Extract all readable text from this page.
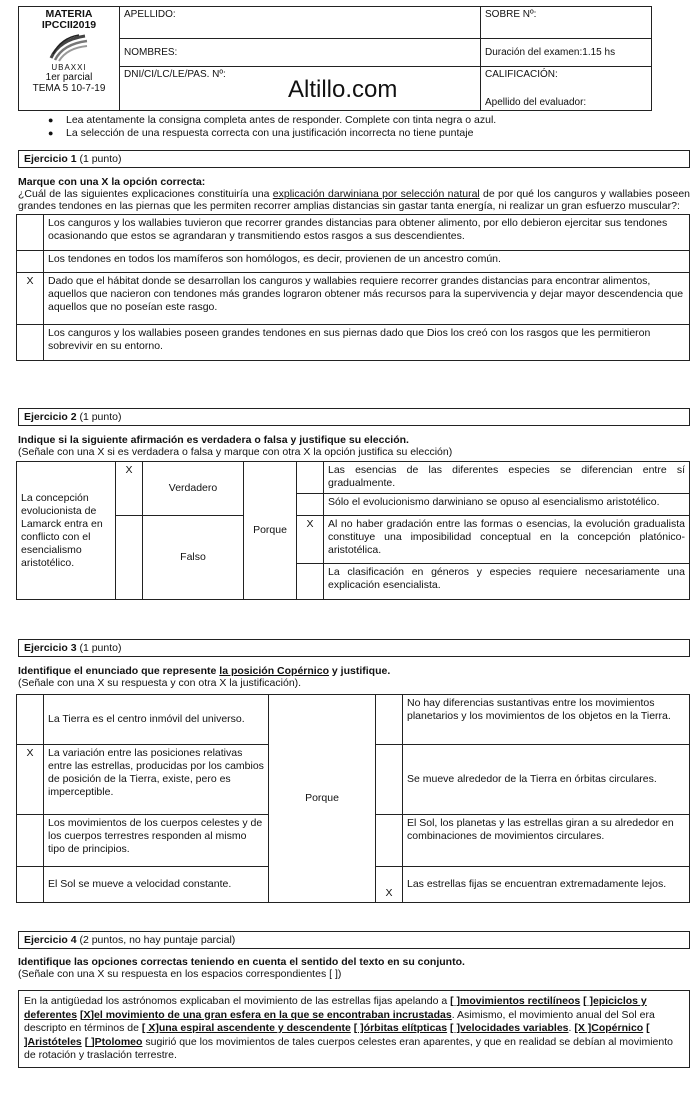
MATERIA
IPCCII2019
UBAXXI
1er parcial
TEMA 5 10-7-19	APELLIDO:	SOBRE Nº:
	NOMBRES:	Duración del examen:1.15 hs
	DNI/CI/LC/LE/PAS. Nº:	CALIFICACIÓN:
Apellido del evaluador:
Altillo.com
● Lea atentamente la consigna completa antes de responder. Complete con tinta negra o azul.
● La selección de una respuesta correcta con una justificación incorrecta no tiene puntaje
Ejercicio 1 (1 punto)
Marque con una X la opción correcta:
¿Cuál de las siguientes explicaciones constituiría una explicación darwiniana por selección natural de por qué los canguros y wallabies poseen grandes tendones en las piernas que les permiten recorrer amplias distancias sin gastar tanta energía, ni realizar un gran esfuerzo muscular?:
	Los canguros y los wallabies tuvieron que recorrer grandes distancias para obtener alimento, por ello debieron ejercitar sus tendones ocasionando que estos se agrandaran y transmitiendo estos rasgos a sus descendientes.
	Los tendones en todos los mamíferos son homólogos, es decir, provienen de un ancestro común.
X	Dado que el hábitat donde se desarrollan los canguros y wallabies requiere recorrer grandes distancias para encontrar alimentos, aquellos que nacieron con tendones más grandes lograron obtener más recursos para la supervivencia y dejar mayor descendencia que aquellos que no poseían este rasgo.
	Los canguros y los wallabies poseen grandes tendones en sus piernas dado que Dios los creó con los rasgos que les permitieron sobrevivir en su entorno.
Ejercicio 2 (1 punto)
Indique si la siguiente afirmación es verdadera o falsa y justifique su elección.
(Señale con una X si es verdadera o falsa y marque con otra X la opción justifica su elección)
La concepción evolucionista de Lamarck entra en conflicto con el esencialismo aristotélico.	X	Verdadero	Porque		Las esencias de las diferentes especies se diferencian entre sí gradualmente.
					Sólo el evolucionismo darwiniano se opuso al esencialismo aristotélico.
		Falso		X	Al no haber gradación entre las formas o esencias, la evolución gradualista constituye una imposibilidad conceptual en la concepción platónico-aristotélica.
					La clasificación en géneros y especies requiere necesariamente una explicación esencialista.
Ejercicio 3 (1 punto)
Identifique el enunciado que represente la posición Copérnico y justifique.
(Señale con una X su respuesta y con otra X la justificación).
	La Tierra es el centro inmóvil del universo.	Porque		No hay diferencias sustantivas entre los movimientos planetarios y los movimientos de los objetos en la Tierra.
X	La variación entre las posiciones relativas entre las estrellas, producidas por los cambios de posición de la Tierra, existe, pero es imperceptible.			Se mueve alrededor de la Tierra en órbitas circulares.
	Los movimientos de los cuerpos celestes y de los cuerpos terrestres responden al mismo tipo de principios.			El Sol, los planetas y las estrellas giran a su alrededor en combinaciones de movimientos circulares.
	El Sol se mueve a velocidad constante.		X	Las estrellas fijas se encuentran extremadamente lejos.
Ejercicio 4 (2 puntos, no hay puntaje parcial)
Identifique las opciones correctas teniendo en cuenta el sentido del texto en su conjunto.
(Señale con una X su respuesta en los espacios correspondientes [ ])
En la antigüedad los astrónomos explicaban el movimiento de las estrellas fijas apelando a [ ]movimientos rectilíneos [ ]epiciclos y deferentes [X]el movimiento de una gran esfera en la que se encontraban incrustadas. Asimismo, el movimiento anual del Sol era descripto en términos de [ X]una espiral ascendente y descendente [ ]órbitas elítpticas [ ]velocidades variables. [X ]Copérnico [ ]Aristóteles [ ]Ptolomeo sugirió que los movimientos de tales cuerpos celestes eran aparentes, y que en realidad se debían al movimiento de rotación y traslación terrestre.
